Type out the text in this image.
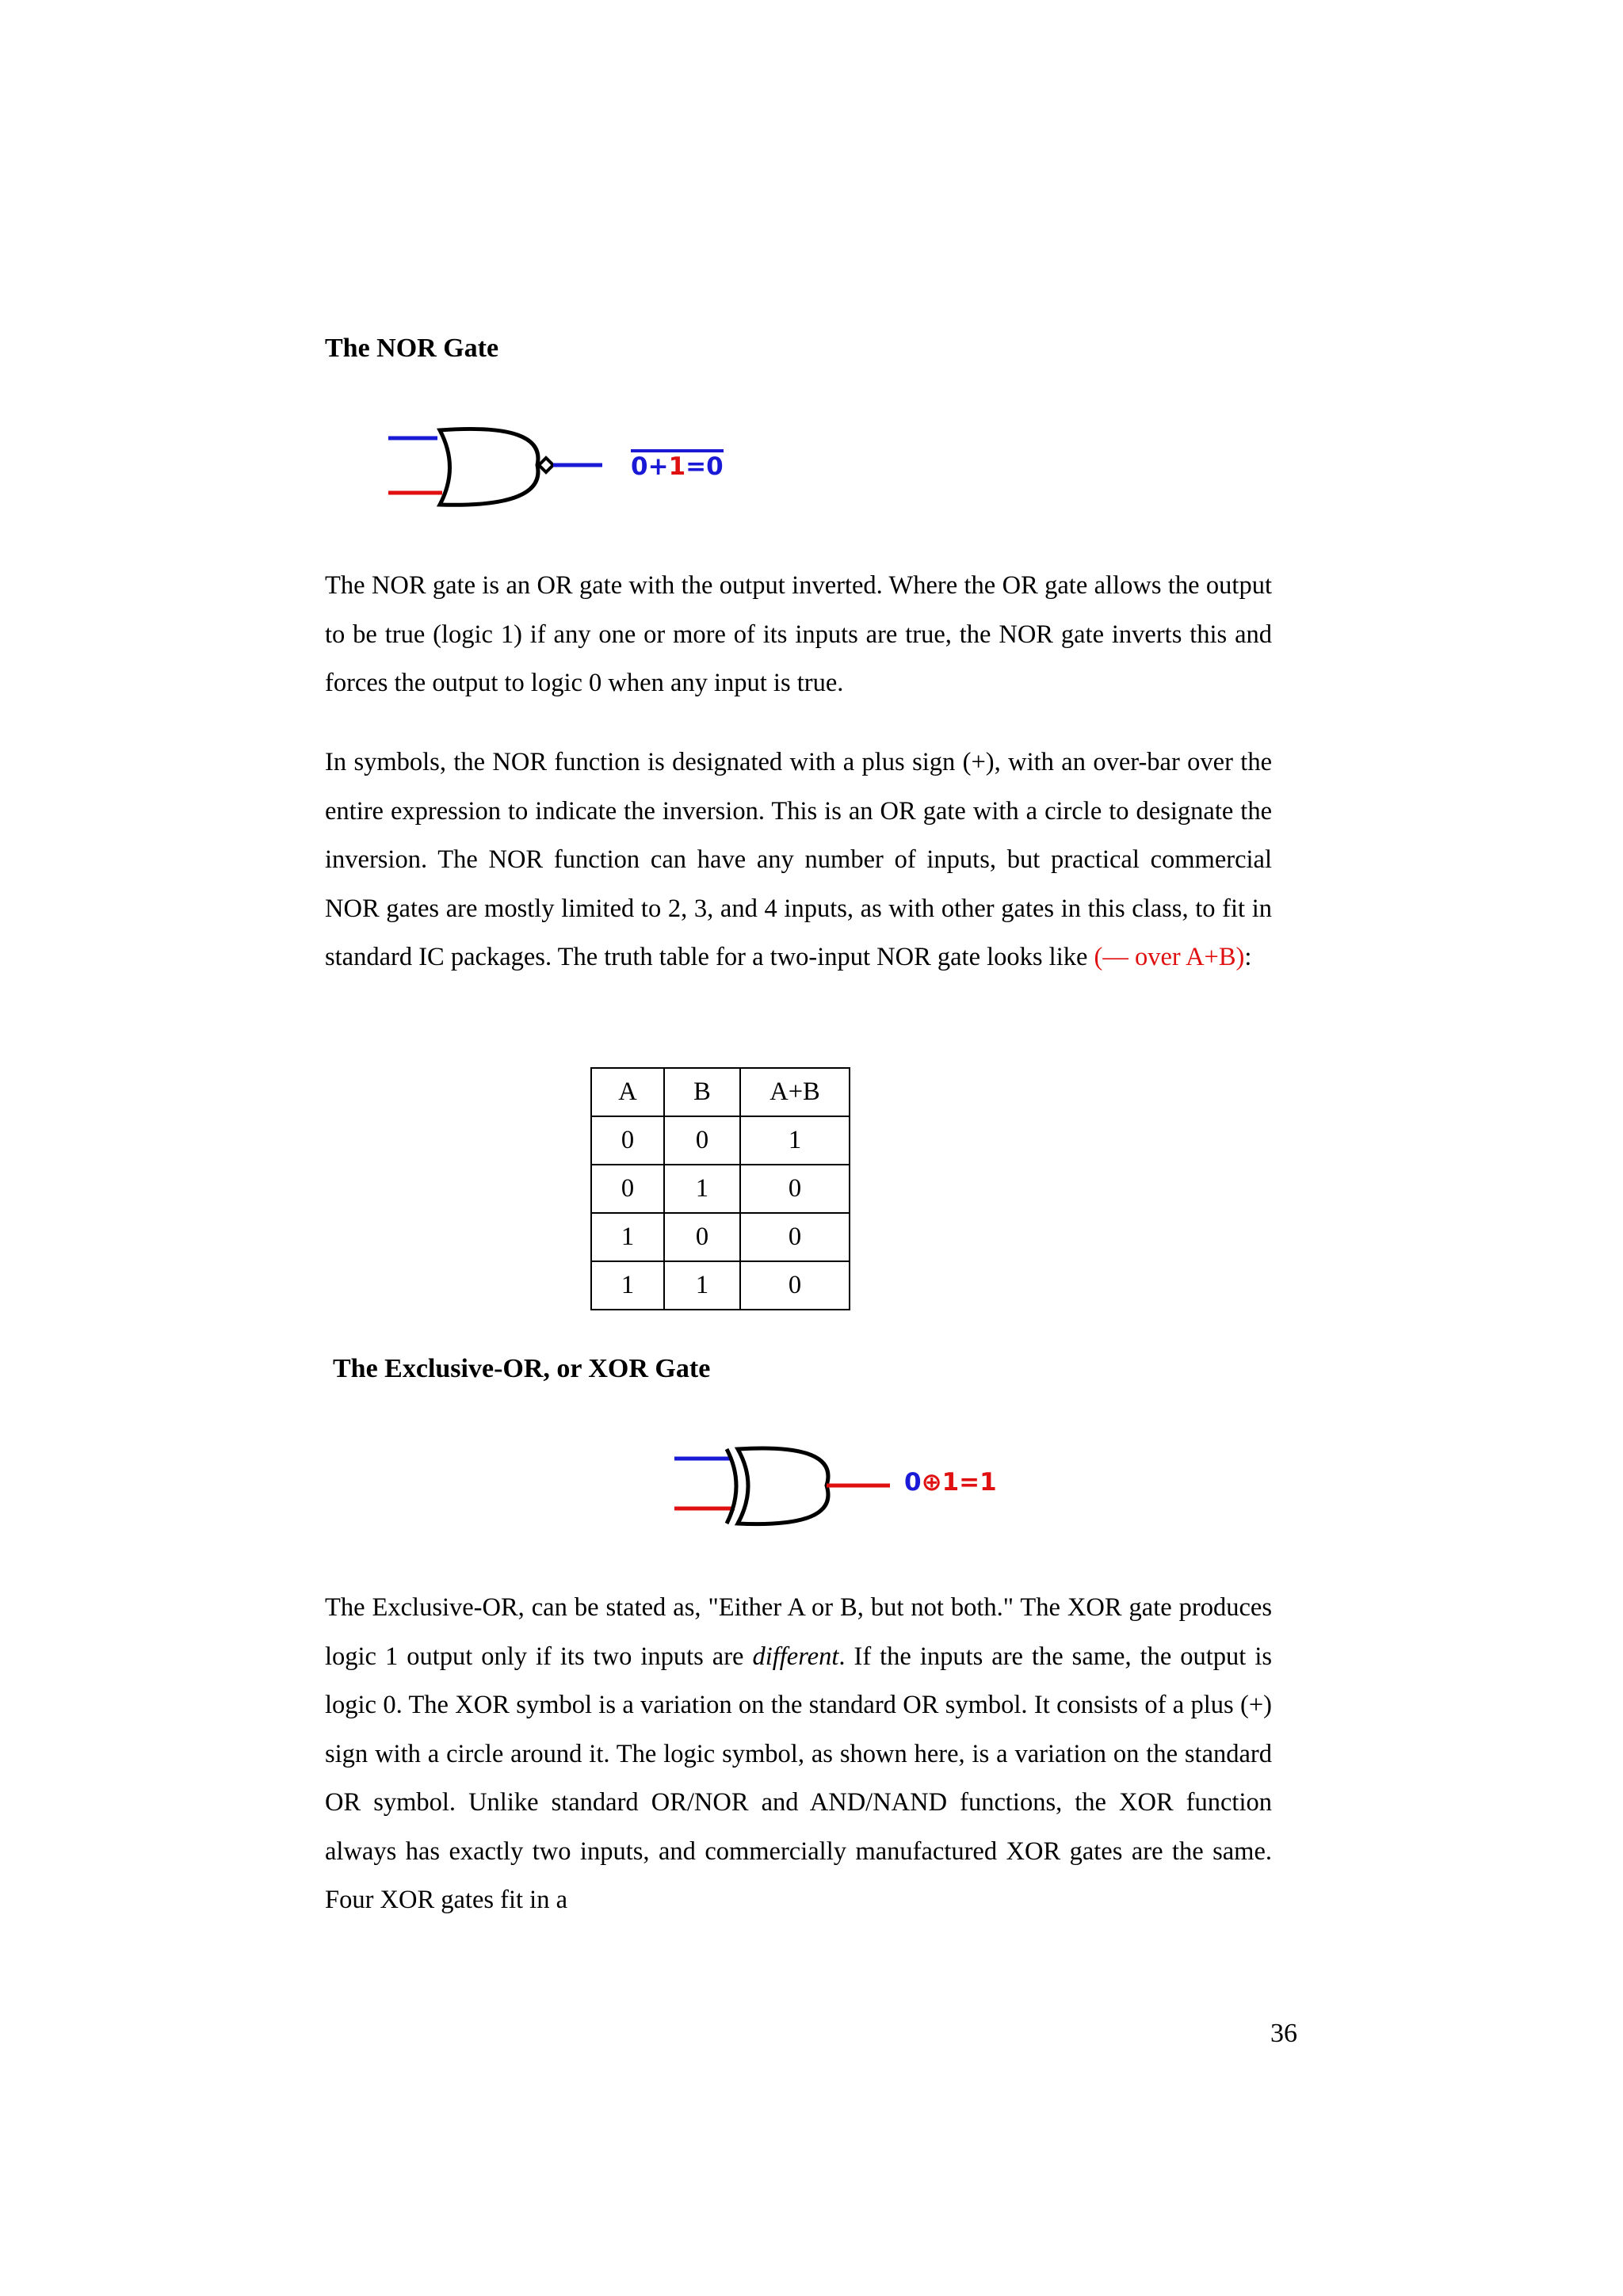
The NOR Gate
0+1=0

The NOR gate is an OR gate with the output inverted. Where the OR gate allows the output to be true (logic 1) if any one or more of its inputs are true, the NOR gate inverts this and forces the output to logic 0 when any input is true.

In symbols, the NOR function is designated with a plus sign (+), with an over-bar over the entire expression to indicate the inversion. This is an OR gate with a circle to designate the inversion. The NOR function can have any number of inputs, but practical commercial NOR gates are mostly limited to 2, 3, and 4 inputs, as with other gates in this class, to fit in standard IC packages. The truth table for a two-input NOR gate looks like (— over A+B):

A	B	A+B
0	0	1
0	1	0
1	0	0
1	1	0
The Exclusive-OR, or XOR Gate
0⊕1=1

The Exclusive-OR, can be stated as, "Either A or B, but not both." The XOR gate produces logic 1 output only if its two inputs are different. If the inputs are the same, the output is logic 0. The XOR symbol is a variation on the standard OR symbol. It consists of a plus (+) sign with a circle around it. The logic symbol, as shown here, is a variation on the standard OR symbol. Unlike standard OR/NOR and AND/NAND functions, the XOR function always has exactly two inputs, and commercially manufactured XOR gates are the same. Four XOR gates fit in a

36
